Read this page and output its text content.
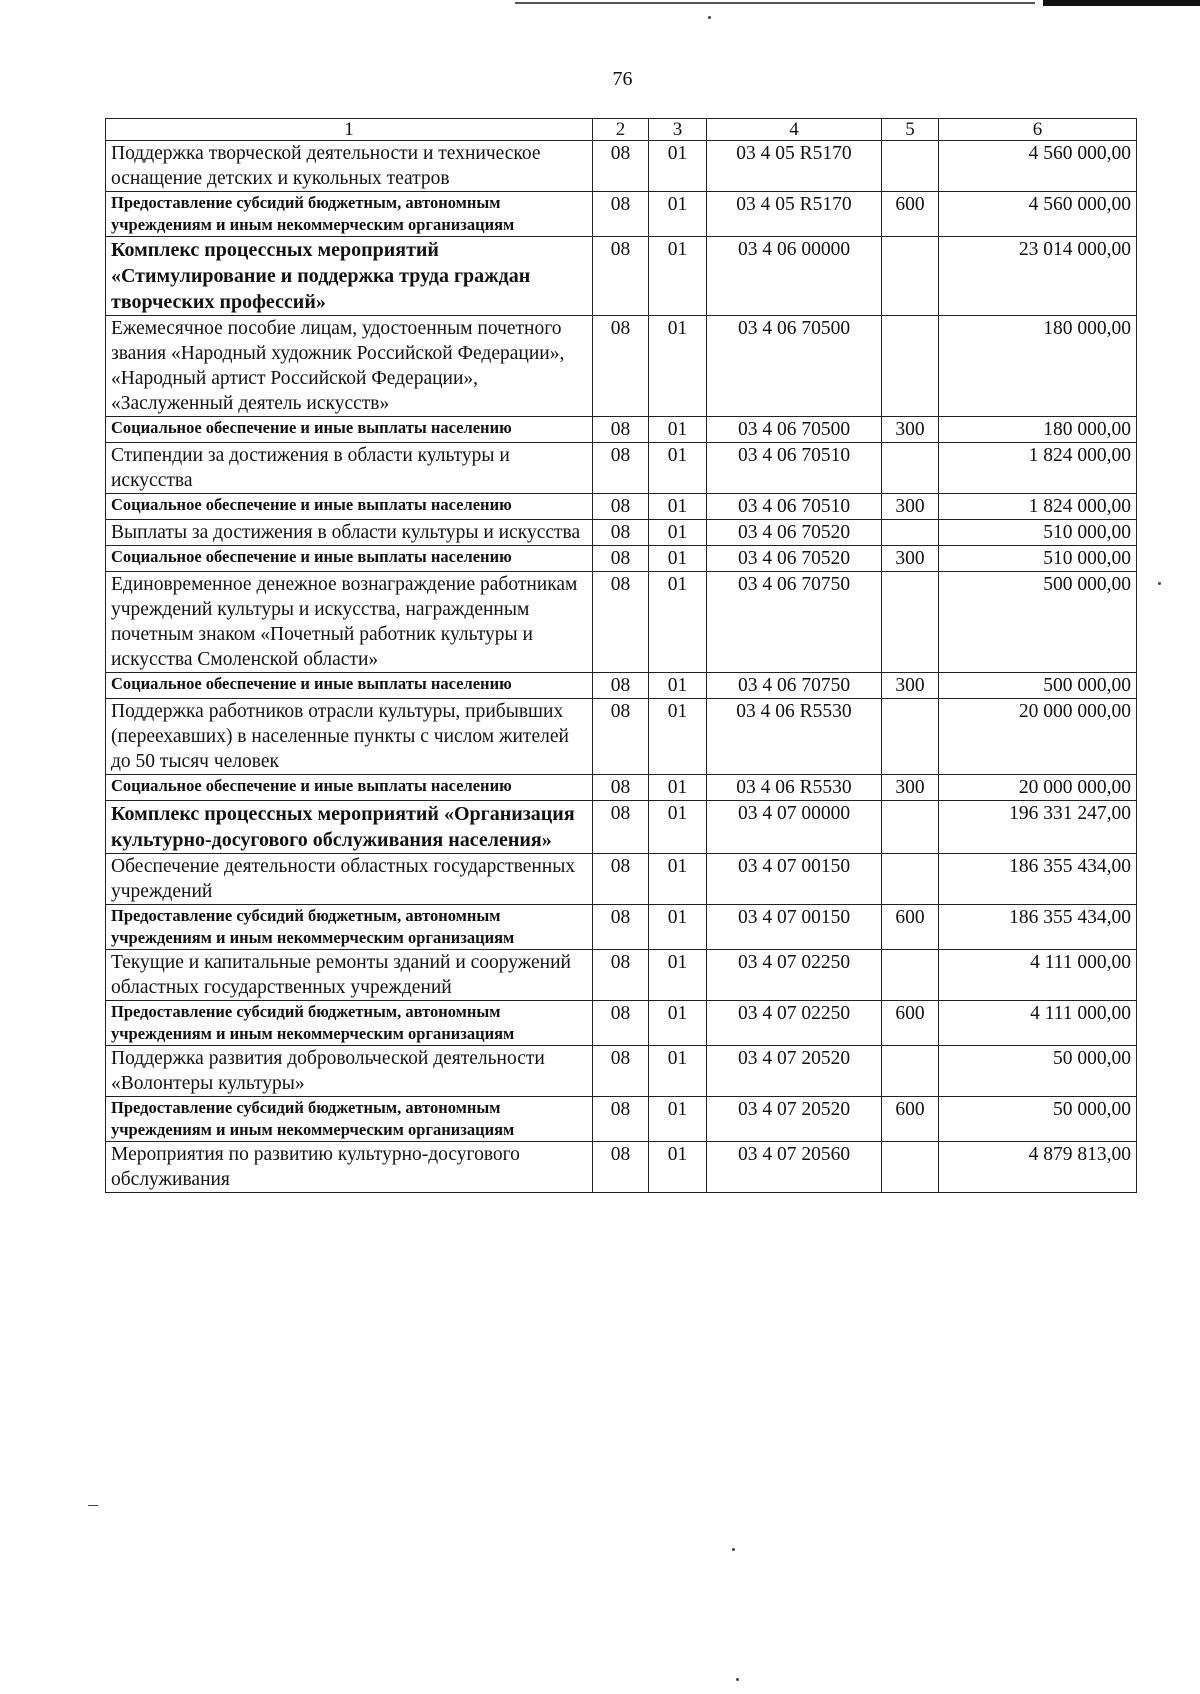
76
1	2	3	4	5	6
Поддержка творческой деятельности и техническое оснащение детских и кукольных театров	08	01	03 4 05 R5170		4 560 000,00
Предоставление субсидий бюджетным, автономным учреждениям и иным некоммерческим организациям	08	01	03 4 05 R5170	600	4 560 000,00
Комплекс процессных мероприятий «Стимулирование и поддержка труда граждан творческих профессий»	08	01	03 4 06 00000		23 014 000,00
Ежемесячное пособие лицам, удостоенным почетного звания «Народный художник Российской Федерации», «Народный артист Российской Федерации», «Заслуженный деятель искусств»	08	01	03 4 06 70500		180 000,00
Социальное обеспечение и иные выплаты населению	08	01	03 4 06 70500	300	180 000,00
Стипендии за достижения в области культуры и искусства	08	01	03 4 06 70510		1 824 000,00
Социальное обеспечение и иные выплаты населению	08	01	03 4 06 70510	300	1 824 000,00
Выплаты за достижения в области культуры и искусства	08	01	03 4 06 70520		510 000,00
Социальное обеспечение и иные выплаты населению	08	01	03 4 06 70520	300	510 000,00
Единовременное денежное вознаграждение работникам учреждений культуры и искусства, награжденным почетным знаком «Почетный работник культуры и искусства Смоленской области»	08	01	03 4 06 70750		500 000,00
Социальное обеспечение и иные выплаты населению	08	01	03 4 06 70750	300	500 000,00
Поддержка работников отрасли культуры, прибывших (переехавших) в населенные пункты с числом жителей до 50 тысяч человек	08	01	03 4 06 R5530		20 000 000,00
Социальное обеспечение и иные выплаты населению	08	01	03 4 06 R5530	300	20 000 000,00
Комплекс процессных мероприятий «Организация культурно-досугового обслуживания населения»	08	01	03 4 07 00000		196 331 247,00
Обеспечение деятельности областных государственных учреждений	08	01	03 4 07 00150		186 355 434,00
Предоставление субсидий бюджетным, автономным учреждениям и иным некоммерческим организациям	08	01	03 4 07 00150	600	186 355 434,00
Текущие и капитальные ремонты зданий и сооружений областных государственных учреждений	08	01	03 4 07 02250		4 111 000,00
Предоставление субсидий бюджетным, автономным учреждениям и иным некоммерческим организациям	08	01	03 4 07 02250	600	4 111 000,00
Поддержка развития добровольческой деятельности «Волонтеры культуры»	08	01	03 4 07 20520		50 000,00
Предоставление субсидий бюджетным, автономным учреждениям и иным некоммерческим организациям	08	01	03 4 07 20520	600	50 000,00
Мероприятия по развитию культурно-досугового обслуживания	08	01	03 4 07 20560		4 879 813,00
